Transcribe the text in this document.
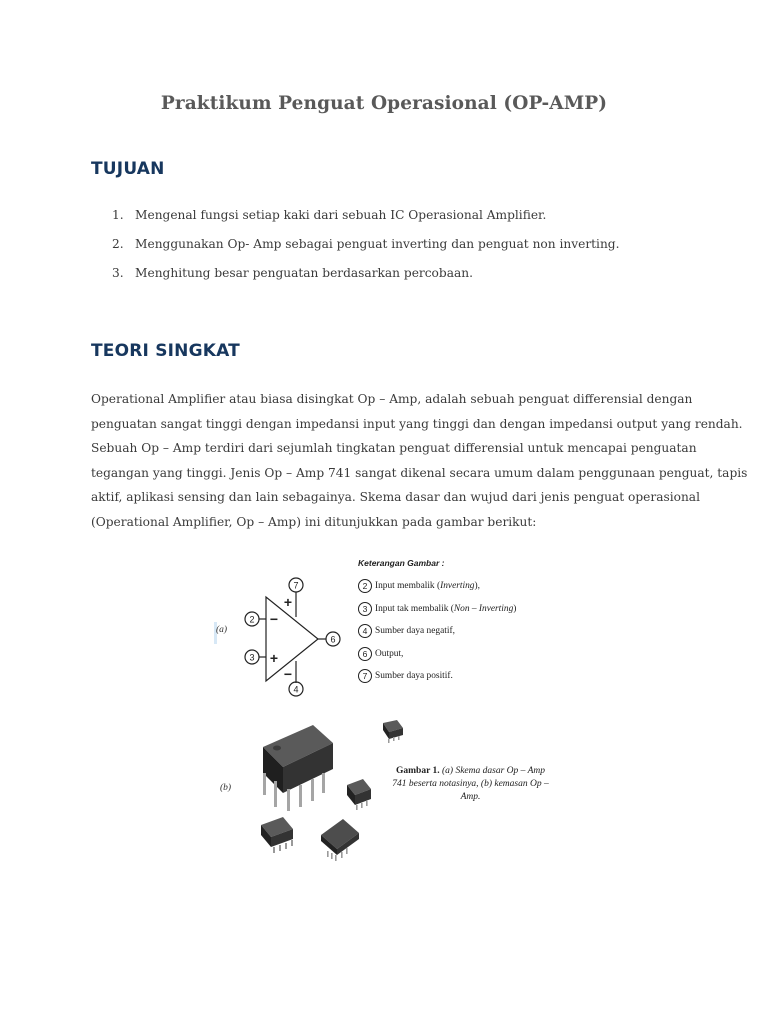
Praktikum Penguat Operasional (OP-AMP)
TUJUAN
1. Mengenal fungsi setiap kaki dari sebuah IC Operasional Amplifier.
2. Menggunakan Op- Amp sebagai penguat inverting dan penguat non inverting.
3. Menghitung besar penguatan berdasarkan percobaan.
TEORI SINGKAT
Operational Amplifier atau biasa disingkat Op – Amp, adalah sebuah penguat differensial dengan
penguatan sangat tinggi dengan impedansi input yang tinggi dan dengan impedansi output yang rendah.
Sebuah Op – Amp terdiri dari sejumlah tingkatan penguat differensial untuk mencapai penguatan
tegangan yang tinggi. Jenis Op – Amp 741 sangat dikenal secara umum dalam penggunaan penguat, tapis
aktif, aplikasi sensing dan lain sebagainya. Skema dasar dan wujud dari jenis penguat operasional
(Operational Amplifier, Op – Amp) ini ditunjukkan pada gambar berikut:
(a)
2
3
6
7
4
−
+
+
−
Keterangan Gambar :
2 Input membalik (Inverting),
3 Input tak membalik (Non – Inverting)
4 Sumber daya negatif,
6 Output,
7 Sumber daya positif.
(b)
Gambar 1. (a) Skema dasar Op – Amp
741 beserta notasinya, (b) kemasan Op –
Amp.
